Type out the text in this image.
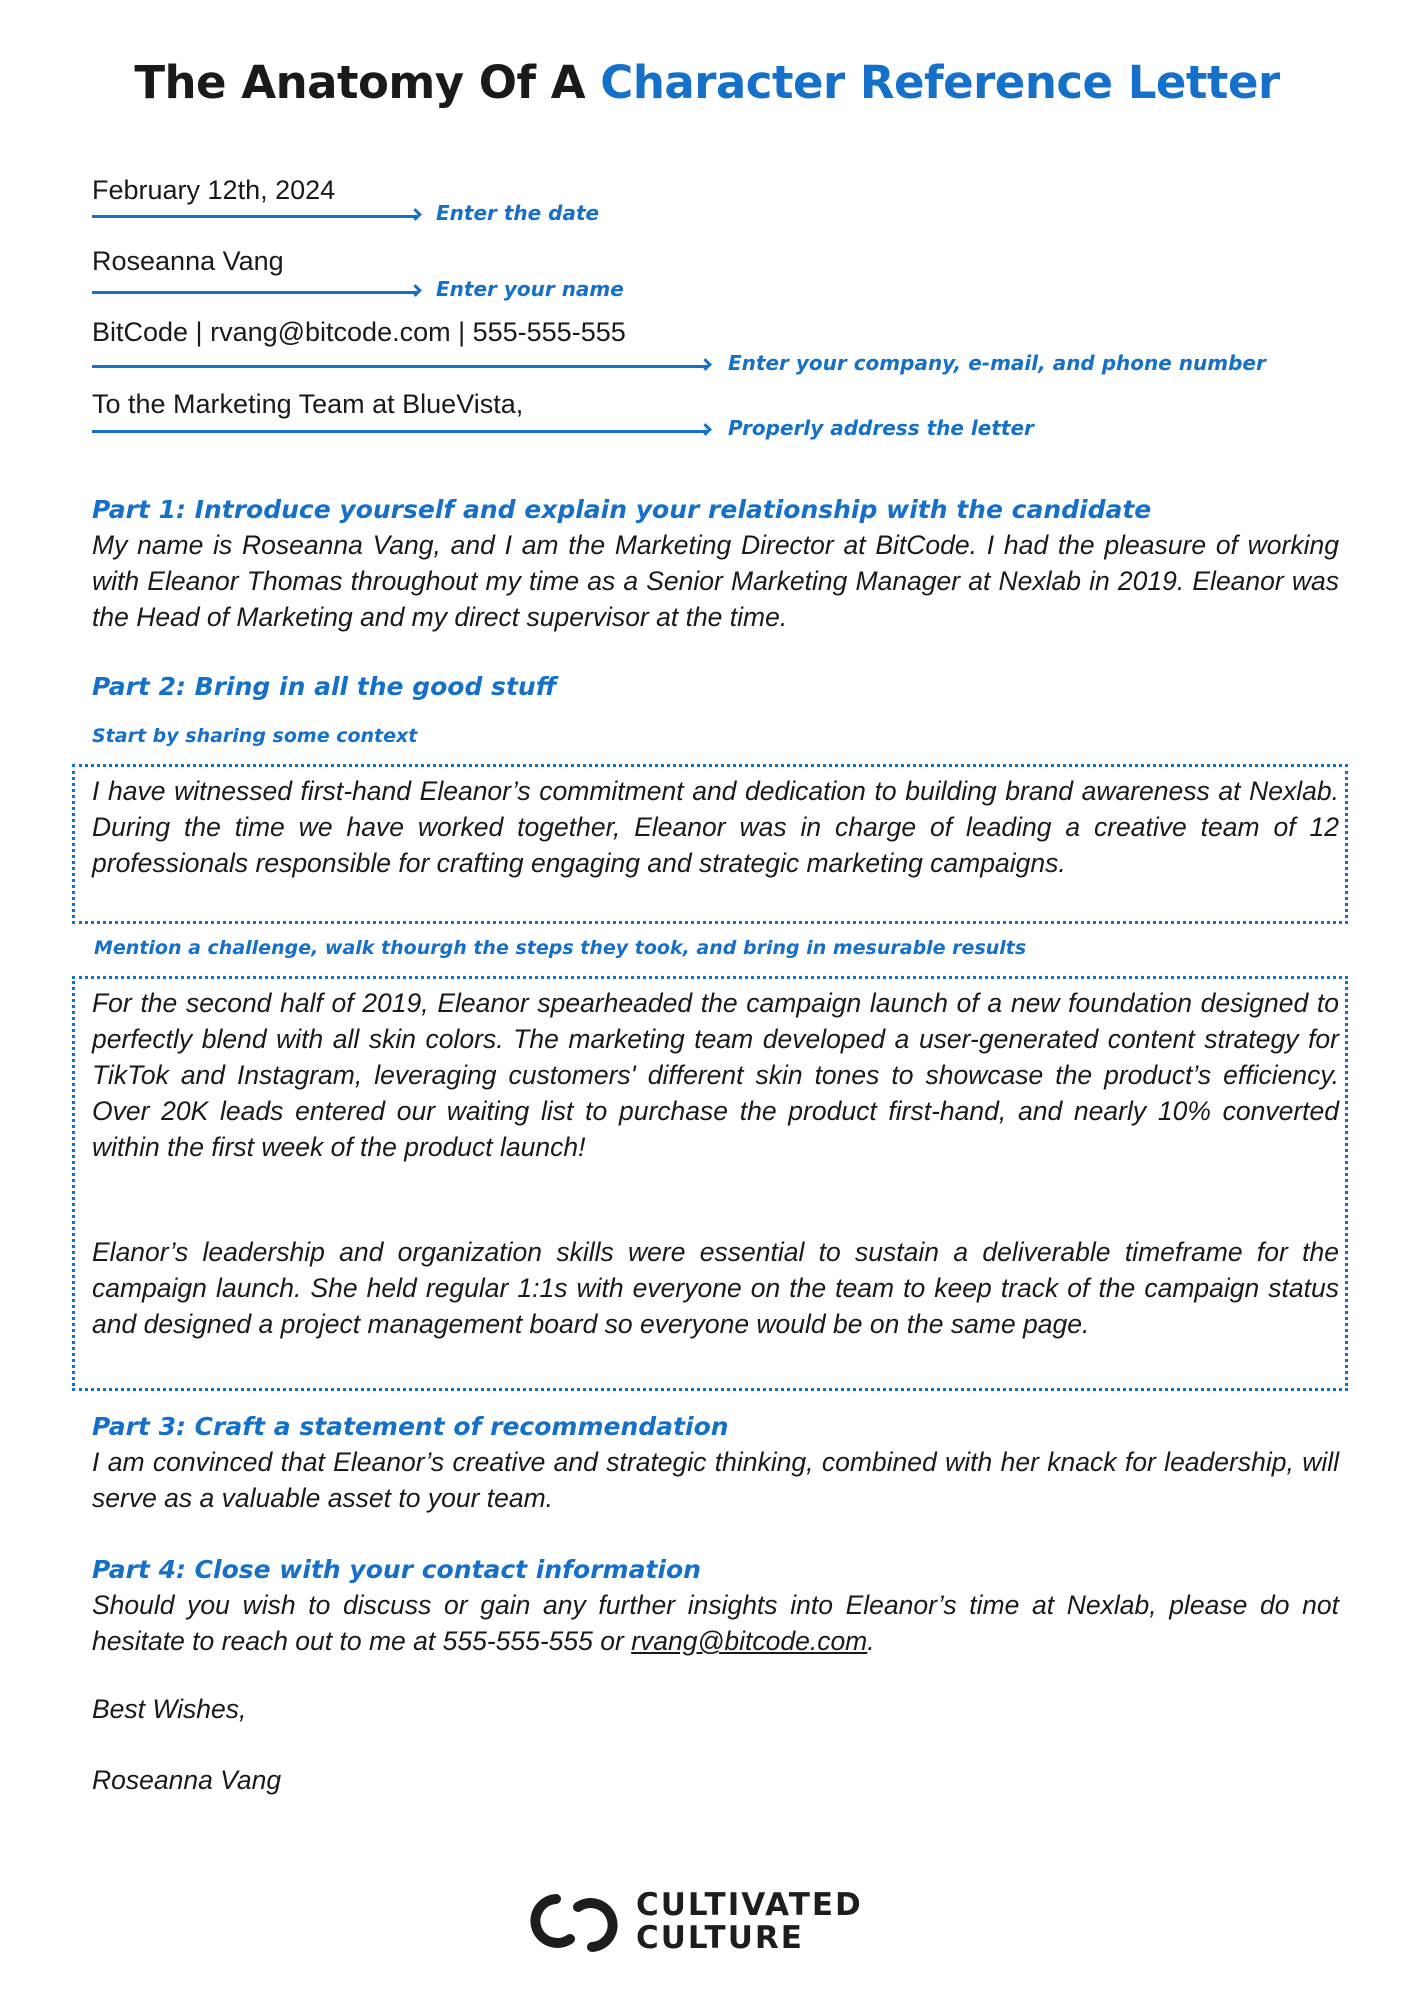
The Anatomy Of A Character Reference Letter
February 12th, 2024
Enter the date
Roseanna Vang
Enter your name
BitCode | rvang@bitcode.com | 555-555-555
Enter your company, e-mail, and phone number
To the Marketing Team at BlueVista,
Properly address the letter
Part 1: Introduce yourself and explain your relationship with the candidate

My name is Roseanna Vang, and I am the Marketing Director at BitCode. I had the pleasure of working with Eleanor Thomas throughout my time as a Senior Marketing Manager at Nexlab in 2019. Eleanor was the Head of Marketing and my direct supervisor at the time.

Part 2: Bring in all the good stuff
Start by sharing some context

I have witnessed first-hand Eleanor’s commitment and dedication to building brand awareness at Nexlab. During the time we have worked together, Eleanor was in charge of leading a creative team of 12 professionals responsible for crafting engaging and strategic marketing campaigns.

Mention a challenge, walk thourgh the steps they took, and bring in mesurable results

For the second half of 2019, Eleanor spearheaded the campaign launch of a new foundation designed to perfectly blend with all skin colors. The marketing team developed a user-generated content strategy for TikTok and Instagram, leveraging customers' different skin tones to showcase the product’s efficiency. Over 20K leads entered our waiting list to purchase the product first-hand, and nearly 10% converted within the first week of the product launch!

Elanor’s leadership and organization skills were essential to sustain a deliverable timeframe for the campaign launch. She held regular 1:1s with everyone on the team to keep track of the campaign status and designed a project management board so everyone would be on the same page.

Part 3: Craft a statement of recommendation

I am convinced that Eleanor’s creative and strategic thinking, combined with her knack for leadership, will serve as a valuable asset to your team.

Part 4: Close with your contact information

Should you wish to discuss or gain any further insights into Eleanor’s time at Nexlab, please do not hesitate to reach out to me at 555-555-555 or rvang@bitcode.com.

Best Wishes,
Roseanna Vang
CULTIVATED
CULTURE
